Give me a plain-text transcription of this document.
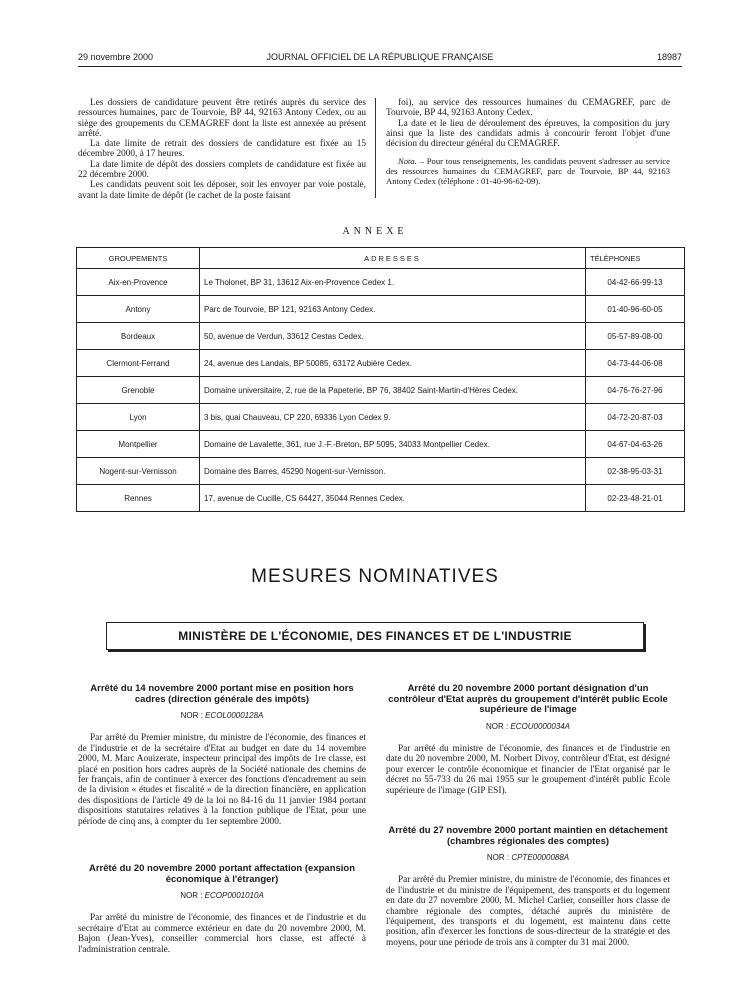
29 novembre 2000	JOURNAL OFFICIEL DE LA RÉPUBLIQUE FRANÇAISE	18987

Les dossiers de candidature peuvent être retirés auprès du service des ressources humaines, parc de Tourvoie, BP 44, 92163 Antony Cedex, ou au siège des groupements du CEMAGREF dont la liste est annexée au présent arrêté.

La date limite de retrait des dossiers de candidature est fixée au 15 décembre 2000, à 17 heures.

La date limite de dépôt des dossiers complets de candidature est fixée au 22 décembre 2000.

Les candidats peuvent soit les déposer, soit les envoyer par voie postale, avant la date limite de dépôt (le cachet de la poste faisant

foi), au service des ressources humaines du CEMAGREF, parc de Tourvoie, BP 44, 92163 Antony Cedex.

La date et le lieu de déroulement des épreuves, la composition du jury ainsi que la liste des candidats admis à concourir feront l'objet d'une décision du directeur général du CEMAGREF.

Nota. – Pour tous renseignements, les candidats peuvent s'adresser au service des ressources humaines du CEMAGREF, parc de Tourvoie, BP 44, 92163 Antony Cedex (téléphone : 01-40-96-62-09).

ANNEXE
GROUPEMENTS	ADRESSES	TÉLÉPHONES
Aix-en-Provence	Le Tholonet, BP 31, 13612 Aix-en-Provence Cedex 1.	04-42-66-99-13
Antony	Parc de Tourvoie, BP 121, 92163 Antony Cedex.	01-40-96-60-05
Bordeaux	50, avenue de Verdun, 33612 Cestas Cedex.	05-57-89-08-00
Clermont-Ferrand	24, avenue des Landais, BP 50085, 63172 Aubière Cedex.	04-73-44-06-08
Grenoble	Domaine universitaire, 2, rue de la Papeterie, BP 76, 38402 Saint-Martin-d'Hères Cedex.	04-76-76-27-96
Lyon	3 bis, quai Chauveau, CP 220, 69336 Lyon Cedex 9.	04-72-20-87-03
Montpellier	Domaine de Lavalette, 361, rue J.-F.-Breton, BP 5095, 34033 Montpellier Cedex.	04-67-04-63-26
Nogent-sur-Vernisson	Domaine des Barres, 45290 Nogent-sur-Vernisson.	02-38-95-03-31
Rennes	17, avenue de Cucille, CS 64427, 35044 Rennes Cedex.	02-23-48-21-01
MESURES NOMINATIVES
MINISTÈRE DE L'ÉCONOMIE, DES FINANCES ET DE L'INDUSTRIE
Arrêté du 14 novembre 2000 portant mise en position hors cadres (direction générale des impôts)
NOR : ECOL0000128A

Par arrêté du Premier ministre, du ministre de l'économie, des finances et de l'industrie et de la secrétaire d'Etat au budget en date du 14 novembre 2000, M. Marc Aouizerate, inspecteur principal des impôts de 1re classe, est placé en position hors cadres auprès de la Société nationale des chemins de fer français, afin de continuer à exercer des fonctions d'encadrement au sein de la division « études et fiscalité » de la direction financière, en application des dispositions de l'article 49 de la loi no 84-16 du 11 janvier 1984 portant dispositions statutaires relatives à la fonction publique de l'Etat, pour une période de cinq ans, à compter du 1er septembre 2000.

Arrêté du 20 novembre 2000 portant affectation (expansion économique à l'étranger)
NOR : ECOP0001010A

Par arrêté du ministre de l'économie, des finances et de l'industrie et du secrétaire d'Etat au commerce extérieur en date du 20 novembre 2000, M. Bajon (Jean-Yves), conseiller commercial hors classe, est affecté à l'administration centrale.

Arrêté du 20 novembre 2000 portant désignation d'un contrôleur d'Etat auprès du groupement d'intérêt public Ecole supérieure de l'image
NOR : ECOU0000034A

Par arrêté du ministre de l'économie, des finances et de l'industrie en date du 20 novembre 2000, M. Norbert Divoy, contrôleur d'Etat, est désigné pour exercer le contrôle économique et financier de l'Etat organisé par le décret no 55-733 du 26 mai 1955 sur le groupement d'intérêt public Ecole supérieure de l'image (GIP ESI).

Arrêté du 27 novembre 2000 portant maintien en détachement (chambres régionales des comptes)
NOR : CPTE0000088A

Par arrêté du Premier ministre, du ministre de l'économie, des finances et de l'industrie et du ministre de l'équipement, des transports et du logement en date du 27 novembre 2000, M. Michel Carlier, conseiller hors classe de chambre régionale des comptes, détaché auprès du ministère de l'équipement, des transports et du logement, est maintenu dans cette position, afin d'exercer les fonctions de sous-directeur de la stratégie et des moyens, pour une période de trois ans à compter du 31 mai 2000.
